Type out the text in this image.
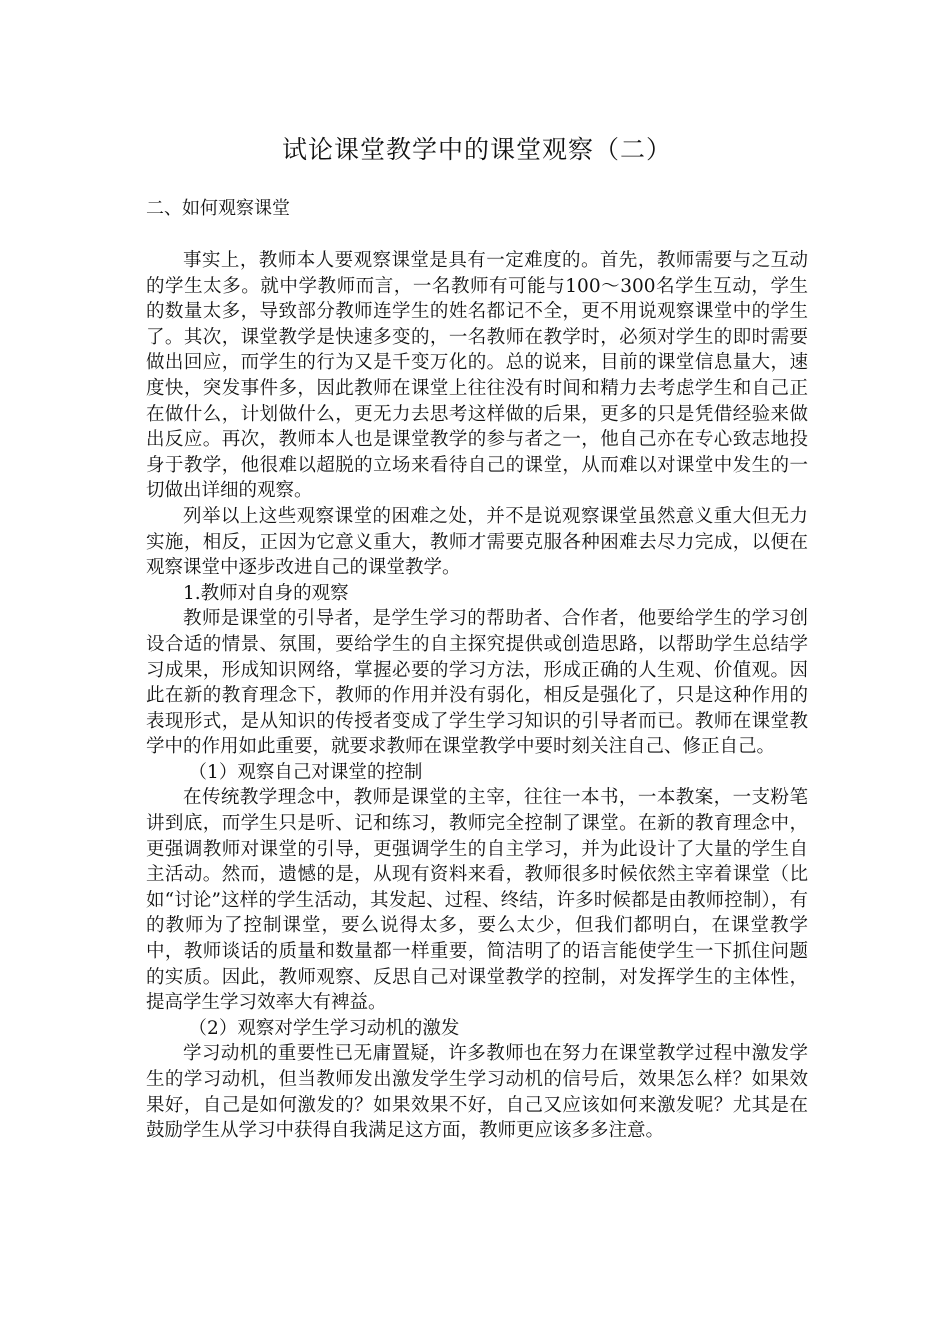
试论课堂教学中的课堂观察（二）

二、如何观察课堂

事实上，教师本人要观察课堂是具有一定难度的。首先，教师需要与之互动的学生太多。就中学教师而言，一名教师有可能与100～300名学生互动，学生的数量太多，导致部分教师连学生的姓名都记不全，更不用说观察课堂中的学生了。其次，课堂教学是快速多变的，一名教师在教学时，必须对学生的即时需要做出回应，而学生的行为又是千变万化的。总的说来，目前的课堂信息量大，速度快，突发事件多，因此教师在课堂上往往没有时间和精力去考虑学生和自己正在做什么，计划做什么，更无力去思考这样做的后果，更多的只是凭借经验来做出反应。再次，教师本人也是课堂教学的参与者之一，他自己亦在专心致志地投身于教学，他很难以超脱的立场来看待自己的课堂，从而难以对课堂中发生的一切做出详细的观察。

列举以上这些观察课堂的困难之处，并不是说观察课堂虽然意义重大但无力实施，相反，正因为它意义重大，教师才需要克服各种困难去尽力完成，以便在观察课堂中逐步改进自己的课堂教学。

1.教师对自身的观察

教师是课堂的引导者，是学生学习的帮助者、合作者，他要给学生的学习创设合适的情景、氛围，要给学生的自主探究提供或创造思路，以帮助学生总结学习成果，形成知识网络，掌握必要的学习方法，形成正确的人生观、价值观。因此在新的教育理念下，教师的作用并没有弱化，相反是强化了，只是这种作用的表现形式，是从知识的传授者变成了学生学习知识的引导者而已。教师在课堂教学中的作用如此重要，就要求教师在课堂教学中要时刻关注自己、修正自己。

（1）观察自己对课堂的控制

在传统教学理念中，教师是课堂的主宰，往往一本书，一本教案，一支粉笔讲到底，而学生只是听、记和练习，教师完全控制了课堂。在新的教育理念中，更强调教师对课堂的引导，更强调学生的自主学习，并为此设计了大量的学生自主活动。然而，遗憾的是，从现有资料来看，教师很多时候依然主宰着课堂（比如“讨论”这样的学生活动，其发起、过程、终结，许多时候都是由教师控制），有的教师为了控制课堂，要么说得太多，要么太少，但我们都明白，在课堂教学中，教师谈话的质量和数量都一样重要，简洁明了的语言能使学生一下抓住问题的实质。因此，教师观察、反思自己对课堂教学的控制，对发挥学生的主体性，提高学生学习效率大有裨益。

（2）观察对学生学习动机的激发

学习动机的重要性已无庸置疑，许多教师也在努力在课堂教学过程中激发学生的学习动机，但当教师发出激发学生学习动机的信号后，效果怎么样？如果效果好，自己是如何激发的？如果效果不好，自己又应该如何来激发呢？尤其是在鼓励学生从学习中获得自我满足这方面，教师更应该多多注意。
